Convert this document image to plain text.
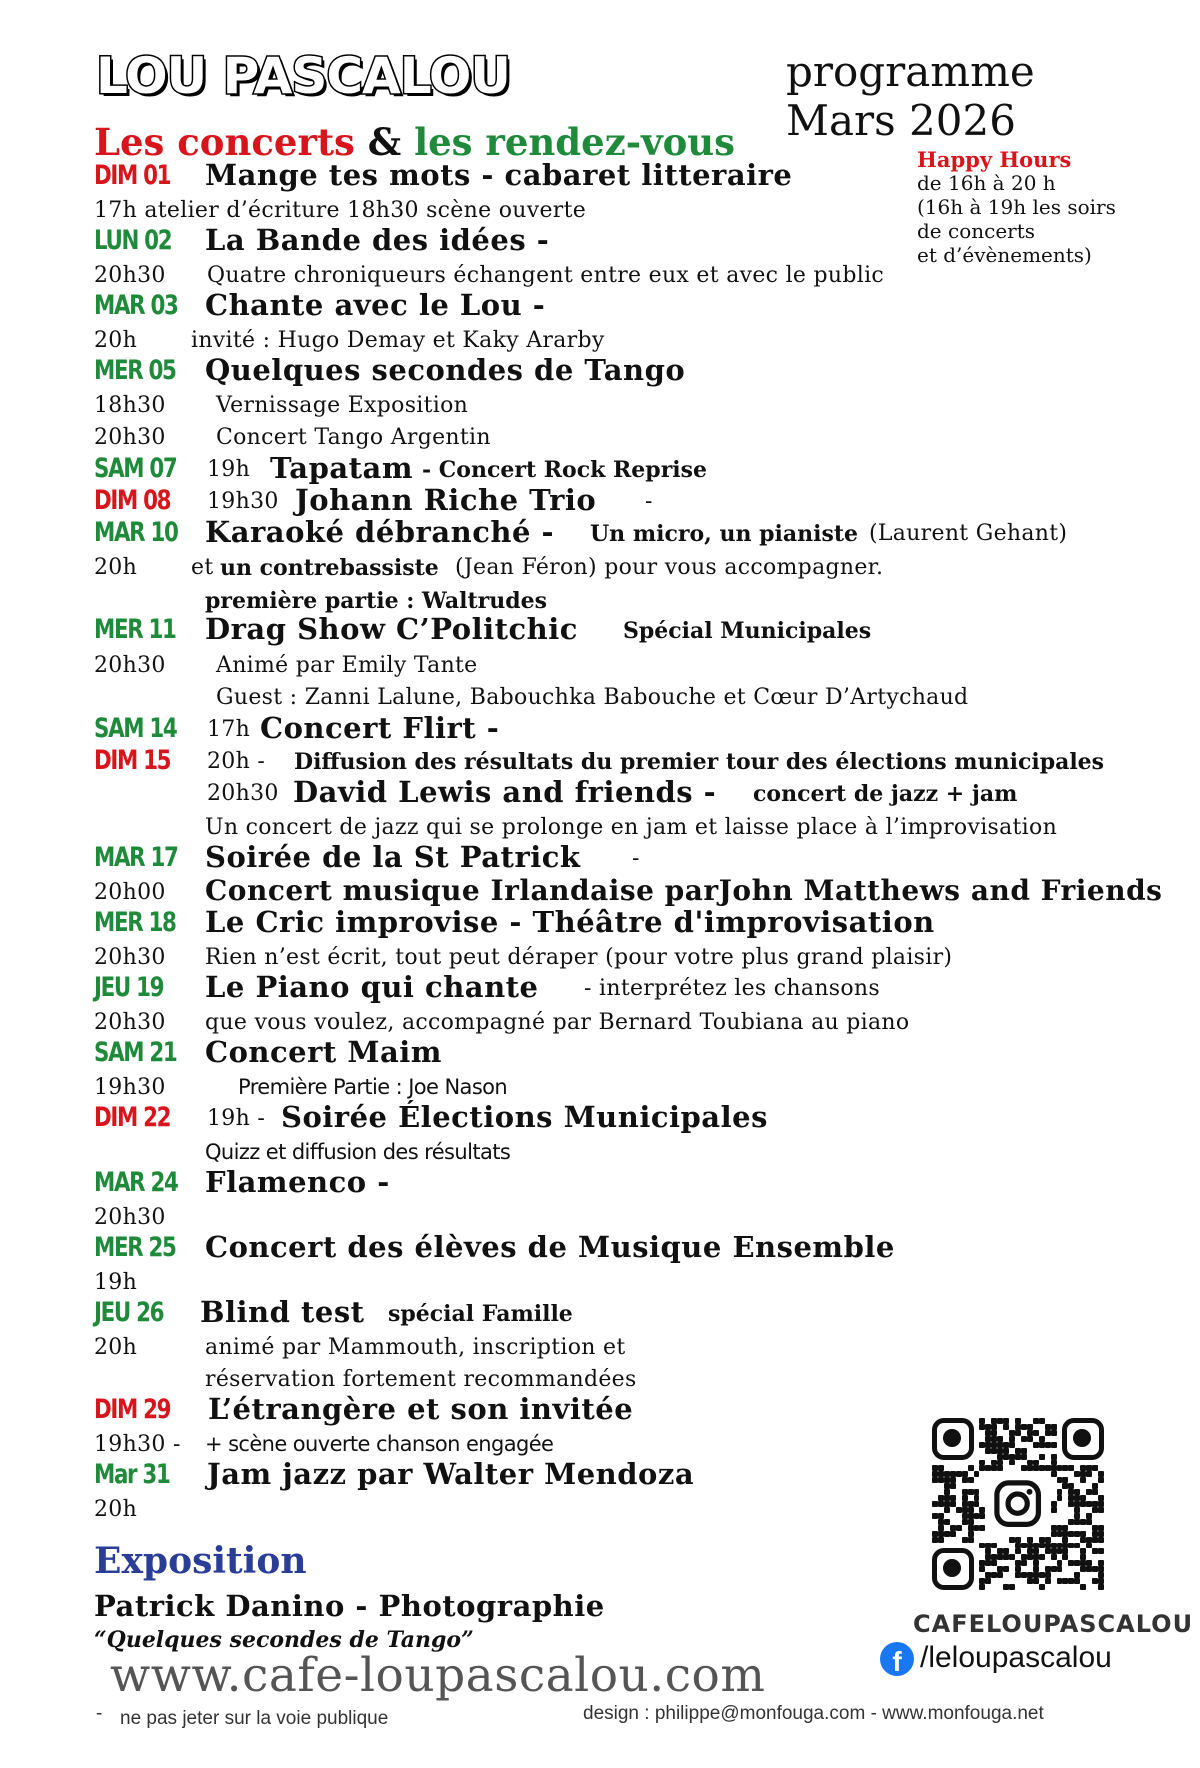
LOU PASCALOU	programme
Mars 2026
Les concerts & les rendez-vous	Happy Hours
de 16h à 20 h
(16h à 19h les soirs
de concerts
et d’évènements)
DIM 01 Mange tes mots - cabaret litteraire
17h atelier d’écriture 18h30 scène ouverte
LUN 02 La Bande des idées -
20h30 Quatre chroniqueurs échangent entre eux et avec le public
MAR 03 Chante avec le Lou -
20h invité : Hugo Demay et Kaky Ararby
MER 05 Quelques secondes de Tango
18h30 Vernissage Exposition
20h30 Concert Tango Argentin
SAM 07 19h Tapatam - Concert Rock Reprise
DIM 08 19h30 Johann Riche Trio -
MAR 10 Karaoké débranché - Un micro, un pianiste (Laurent Gehant)
20h et un contrebassiste (Jean Féron) pour vous accompagner.
première partie : Waltrudes
MER 11 Drag Show C’Politchic Spécial Municipales
20h30 Animé par Emily Tante
Guest : Zanni Lalune, Babouchka Babouche et Cœur D’Artychaud
SAM 14 17h Concert Flirt -
DIM 15 20h - Diffusion des résultats du premier tour des élections municipales
20h30 David Lewis and friends - concert de jazz + jam
Un concert de jazz qui se prolonge en jam et laisse place à l’improvisation
MAR 17 Soirée de la St Patrick -
20h00 Concert musique Irlandaise parJohn Matthews and Friends
MER 18 Le Cric improvise - Théâtre d'improvisation
20h30 Rien n’est écrit, tout peut déraper (pour votre plus grand plaisir)
JEU 19 Le Piano qui chante - interprétez les chansons
20h30 que vous voulez, accompagné par Bernard Toubiana au piano
SAM 21 Concert Maim
19h30	Première Partie : Joe Nason
DIM 22 19h - Soirée Élections Municipales
Quizz et diffusion des résultats
MAR 24 Flamenco -
20h30
MER 25 Concert des élèves de Musique Ensemble
19h
JEU 26 Blind test spécial Famille
20h	animé par Mammouth, inscription et
réservation fortement recommandées
DIM 29 L’étrangère et son invitée
19h30 - + scène ouverte chanson engagée
Mar 31 Jam jazz par Walter Mendoza
20h
Exposition
Patrick Danino - Photographie
“Quelques secondes de Tango”
CAFELOUPASCALOU
f /leloupascalou
www.cafe-loupascalou.com
- ne pas jeter sur la voie publique	design : philippe@monfouga.com - www.monfouga.net
